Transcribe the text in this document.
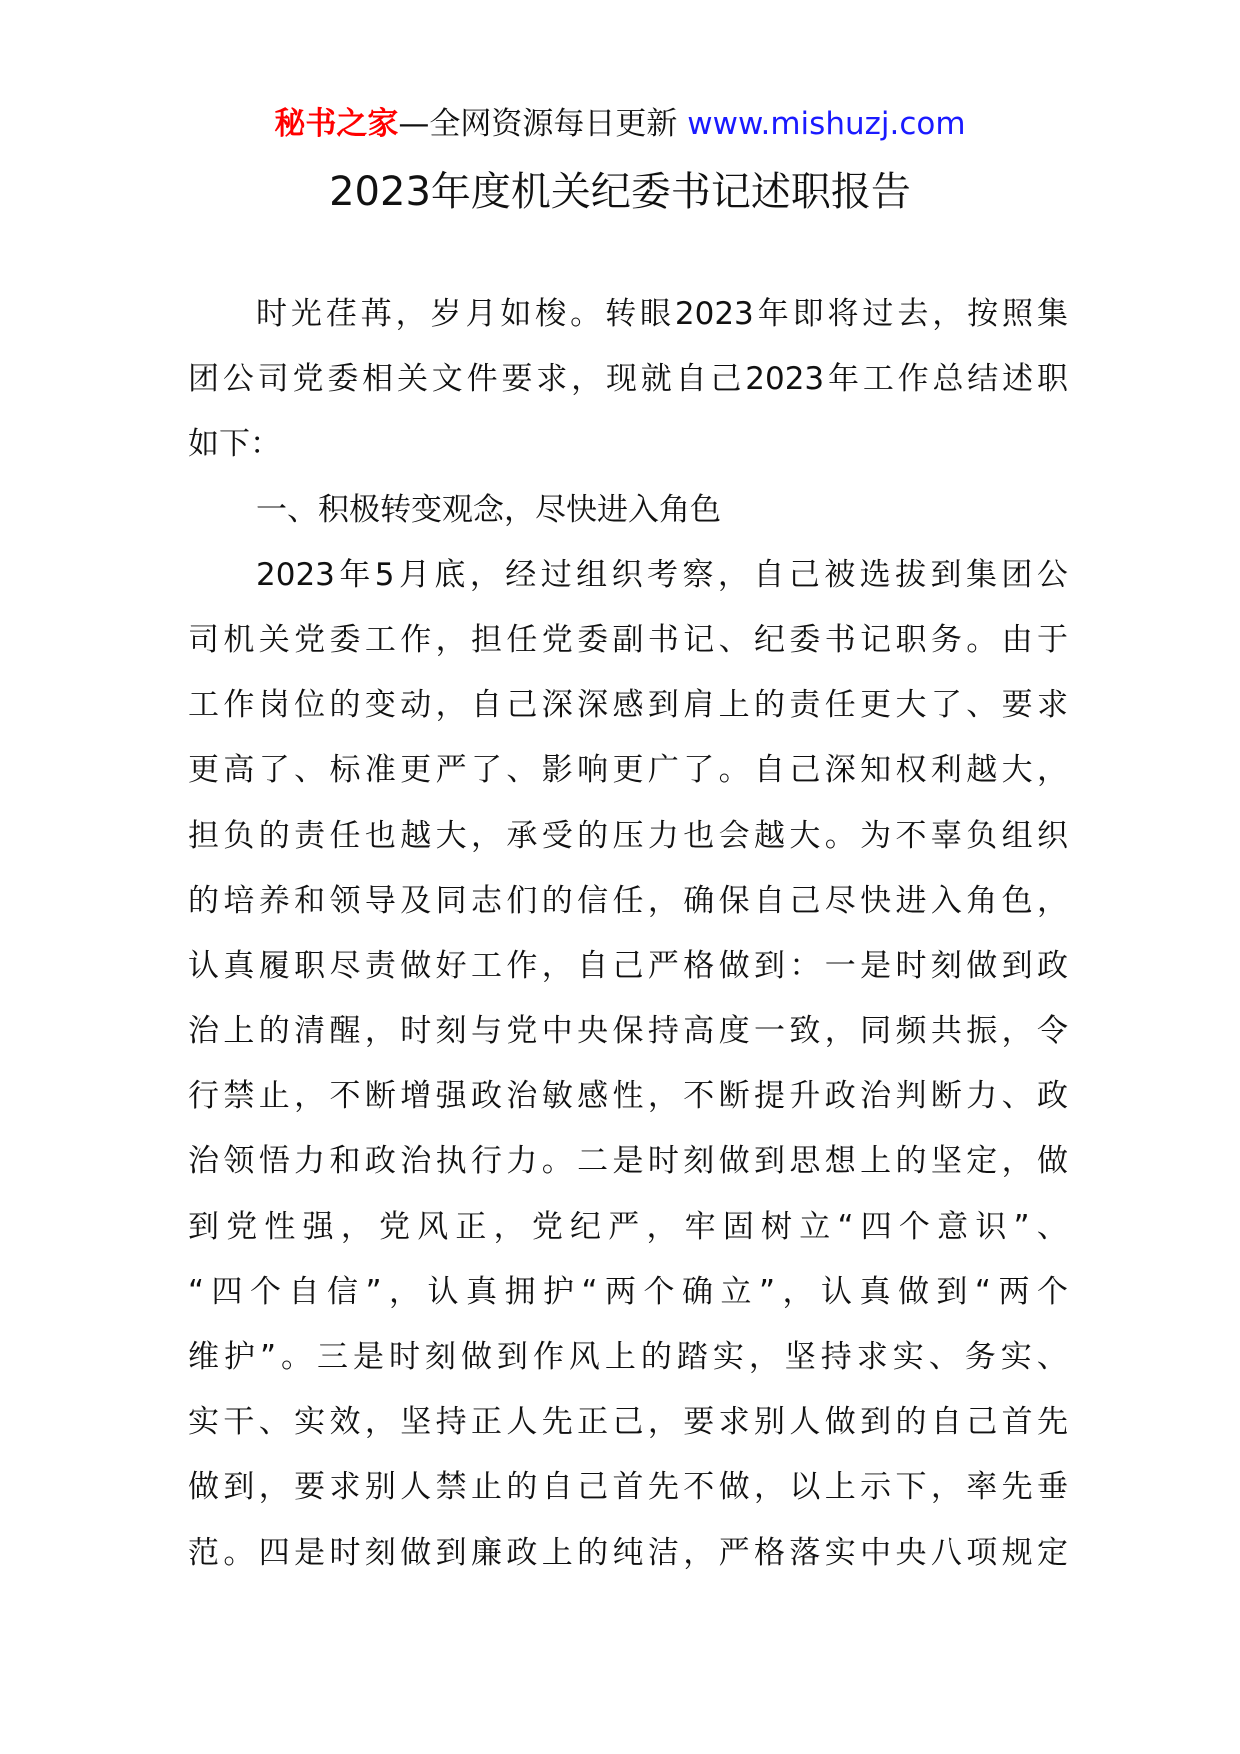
秘书之家—全网资源每日更新 www.mishuzj.com
2023年度机关纪委书记述职报告
时 光 荏 苒 ， 岁 月 如 梭 。 转 眼 2023 年 即 将 过 去 ， 按 照 集
团 公 司 党 委 相 关 文 件 要 求 ， 现 就 自 己 2023 年 工 作 总 结 述 职
如下：
一、积极转变观念，尽快进入角色
2023 年 5 月 底 ， 经 过 组 织 考 察 ， 自 己 被 选 拔 到 集 团 公
司 机 关 党 委 工 作 ， 担 任 党 委 副 书 记 、 纪 委 书 记 职 务 。 由 于
工 作 岗 位 的 变 动 ， 自 己 深 深 感 到 肩 上 的 责 任 更 大 了 、 要 求
更 高 了 、 标 准 更 严 了 、 影 响 更 广 了 。 自 己 深 知 权 利 越 大 ，
担 负 的 责 任 也 越 大 ， 承 受 的 压 力 也 会 越 大 。 为 不 辜 负 组 织
的 培 养 和 领 导 及 同 志 们 的 信 任 ， 确 保 自 己 尽 快 进 入 角 色 ，
认 真 履 职 尽 责 做 好 工 作 ， 自 己 严 格 做 到 ： 一 是 时 刻 做 到 政
治 上 的 清 醒 ， 时 刻 与 党 中 央 保 持 高 度 一 致 ， 同 频 共 振 ， 令
行 禁 止 ， 不 断 增 强 政 治 敏 感 性 ， 不 断 提 升 政 治 判 断 力 、 政
治 领 悟 力 和 政 治 执 行 力 。 二 是 时 刻 做 到 思 想 上 的 坚 定 ， 做
到 党 性 强 ， 党 风 正 ， 党 纪 严 ， 牢 固 树 立 “ 四 个 意 识 ” 、
“ 四 个 自 信 ” ， 认 真 拥 护 “ 两 个 确 立 ” ， 认 真 做 到 “ 两 个
维 护 ” 。 三 是 时 刻 做 到 作 风 上 的 踏 实 ， 坚 持 求 实 、 务 实 、
实 干 、 实 效 ， 坚 持 正 人 先 正 己 ， 要 求 别 人 做 到 的 自 己 首 先
做 到 ， 要 求 别 人 禁 止 的 自 己 首 先 不 做 ， 以 上 示 下 ， 率 先 垂
范 。 四 是 时 刻 做 到 廉 政 上 的 纯 洁 ， 严 格 落 实 中 央 八 项 规 定
